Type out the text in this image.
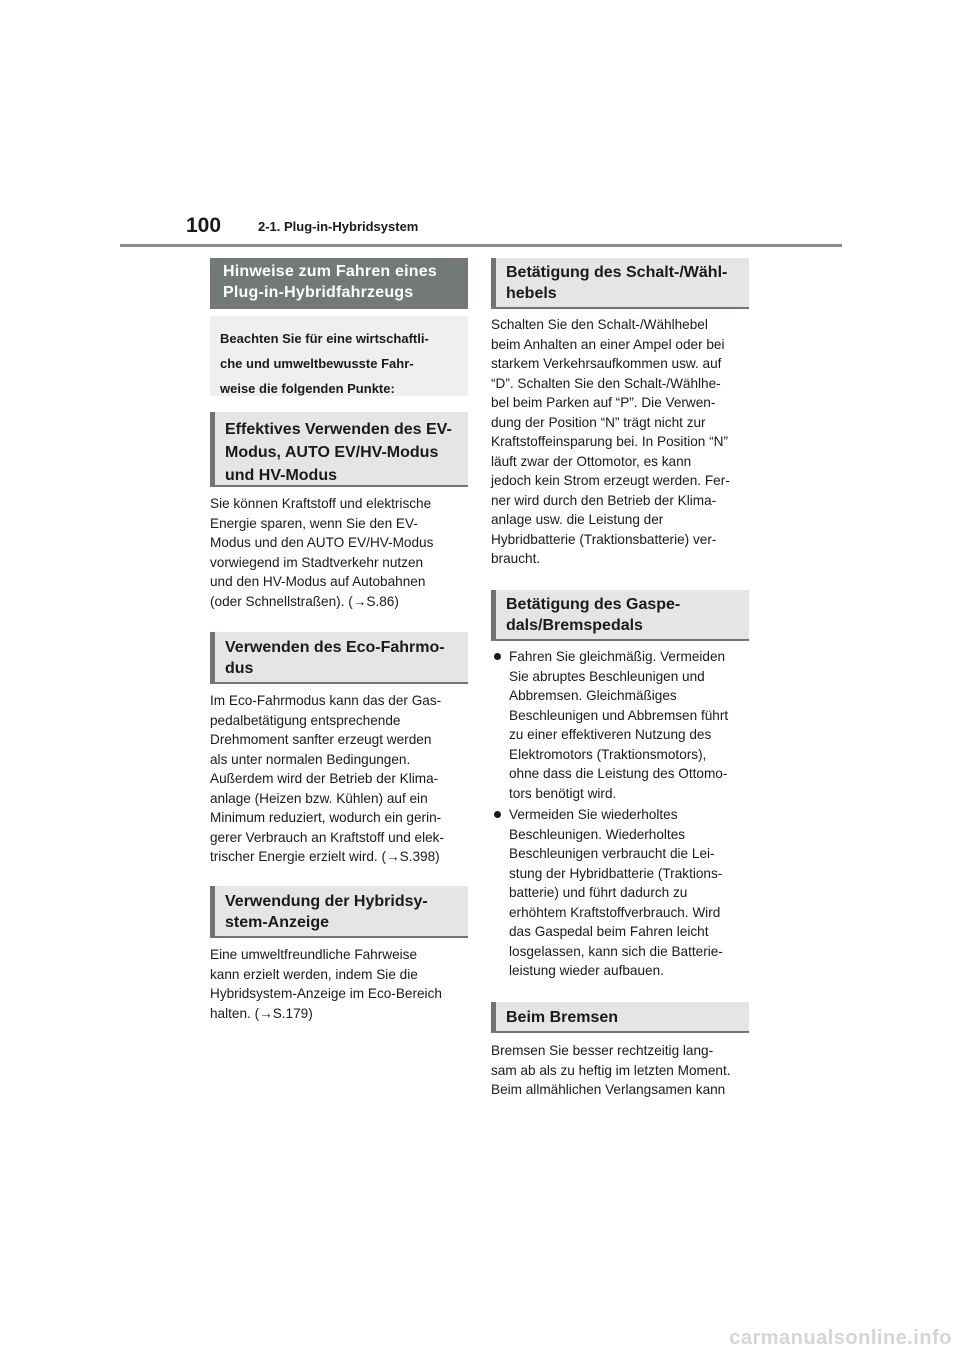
100	2-1. Plug-in-Hybridsystem
Hinweise zum Fahren eines
Plug-in-Hybridfahrzeugs
Beachten Sie für eine wirtschaftli-
che und umweltbewusste Fahr-
weise die folgenden Punkte:
Effektives Verwenden des EV-
Modus, AUTO EV/HV-Modus
und HV-Modus
Sie können Kraftstoff und elektrische
Energie sparen, wenn Sie den EV-
Modus und den AUTO EV/HV-Modus
vorwiegend im Stadtverkehr nutzen
und den HV-Modus auf Autobahnen
(oder Schnellstraßen). (→S.86)
Verwenden des Eco-Fahrmo-
dus
Im Eco-Fahrmodus kann das der Gas-
pedalbetätigung entsprechende
Drehmoment sanfter erzeugt werden
als unter normalen Bedingungen.
Außerdem wird der Betrieb der Klima-
anlage (Heizen bzw. Kühlen) auf ein
Minimum reduziert, wodurch ein gerin-
gerer Verbrauch an Kraftstoff und elek-
trischer Energie erzielt wird. (→S.398)
Verwendung der Hybridsy-
stem-Anzeige
Eine umweltfreundliche Fahrweise
kann erzielt werden, indem Sie die
Hybridsystem-Anzeige im Eco-Bereich
halten. (→S.179)
Betätigung des Schalt-/Wähl-
hebels
Schalten Sie den Schalt-/Wählhebel
beim Anhalten an einer Ampel oder bei
starkem Verkehrsaufkommen usw. auf
“D”. Schalten Sie den Schalt-/Wählhe-
bel beim Parken auf “P”. Die Verwen-
dung der Position “N” trägt nicht zur
Kraftstoffeinsparung bei. In Position “N”
läuft zwar der Ottomotor, es kann
jedoch kein Strom erzeugt werden. Fer-
ner wird durch den Betrieb der Klima-
anlage usw. die Leistung der
Hybridbatterie (Traktionsbatterie) ver-
braucht.
Betätigung des Gaspe-
dals/Bremspedals
Fahren Sie gleichmäßig. Vermeiden
Sie abruptes Beschleunigen und
Abbremsen. Gleichmäßiges
Beschleunigen und Abbremsen führt
zu einer effektiveren Nutzung des
Elektromotors (Traktionsmotors),
ohne dass die Leistung des Ottomo-
tors benötigt wird.
Vermeiden Sie wiederholtes
Beschleunigen. Wiederholtes
Beschleunigen verbraucht die Lei-
stung der Hybridbatterie (Traktions-
batterie) und führt dadurch zu
erhöhtem Kraftstoffverbrauch. Wird
das Gaspedal beim Fahren leicht
losgelassen, kann sich die Batterie-
leistung wieder aufbauen.
Beim Bremsen
Bremsen Sie besser rechtzeitig lang-
sam ab als zu heftig im letzten Moment.
Beim allmählichen Verlangsamen kann
carmanualsonline.info
